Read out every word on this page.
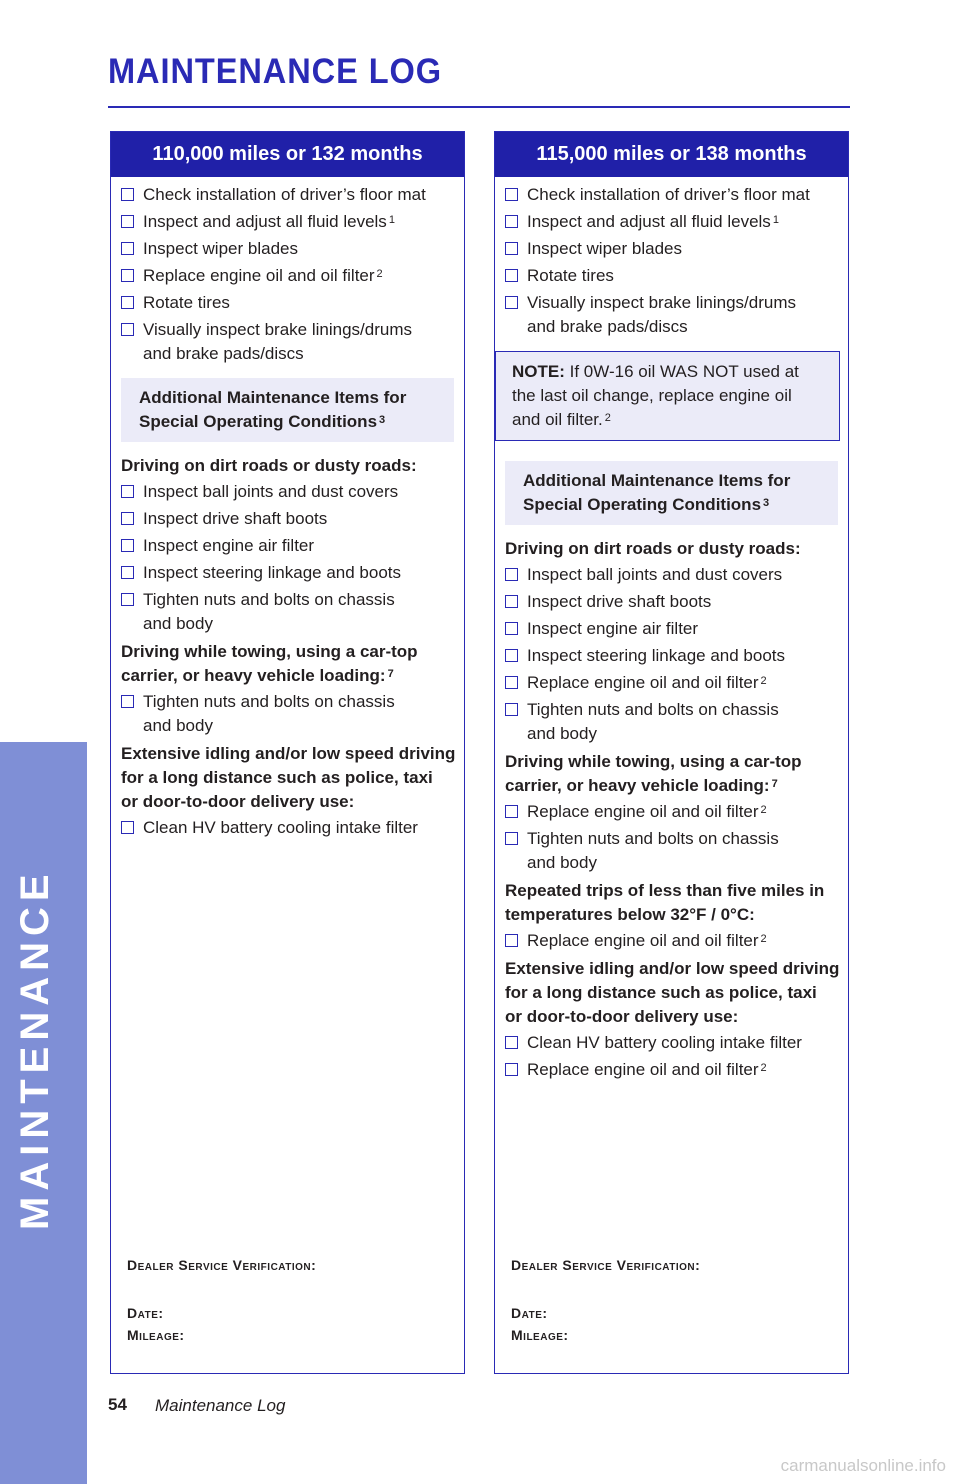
MAINTENANCE
MAINTENANCE LOG
110,000 miles or 132 months
Check installation of driver’s floor mat
Inspect and adjust all fluid levels $^1$
Inspect wiper blades
Replace engine oil and oil filter $^2$
Rotate tires
Visually inspect brake linings/drums
and brake pads/discs
Additional Maintenance Items for
Special Operating Conditions $^3$
Driving on dirt roads or dusty roads:
Inspect ball joints and dust covers
Inspect drive shaft boots
Inspect engine air filter
Inspect steering linkage and boots
Tighten nuts and bolts on chassis
and body
Driving while towing, using a car-top
carrier, or heavy vehicle loading: $^7$
Tighten nuts and bolts on chassis
and body
Extensive idling and/or low speed driving
for a long distance such as police, taxi
or door-to-door delivery use:
Clean HV battery cooling intake filter
Dealer Service Verification:
Date:
Mileage:
115,000 miles or 138 months
Check installation of driver’s floor mat
Inspect and adjust all fluid levels $^1$
Inspect wiper blades
Rotate tires
Visually inspect brake linings/drums
and brake pads/discs
NOTE: If 0W-16 oil WAS NOT used at
the last oil change, replace engine oil
and oil filter. $^2$
Additional Maintenance Items for
Special Operating Conditions $^3$
Driving on dirt roads or dusty roads:
Inspect ball joints and dust covers
Inspect drive shaft boots
Inspect engine air filter
Inspect steering linkage and boots
Replace engine oil and oil filter $^2$
Tighten nuts and bolts on chassis
and body
Driving while towing, using a car-top
carrier, or heavy vehicle loading: $^7$
Replace engine oil and oil filter $^2$
Tighten nuts and bolts on chassis
and body
Repeated trips of less than five miles in
temperatures below 32°F / 0°C:
Replace engine oil and oil filter $^2$
Extensive idling and/or low speed driving
for a long distance such as police, taxi
or door-to-door delivery use:
Clean HV battery cooling intake filter
Replace engine oil and oil filter $^2$
Dealer Service Verification:
Date:
Mileage:
54 Maintenance Log
carmanualsonline.info
